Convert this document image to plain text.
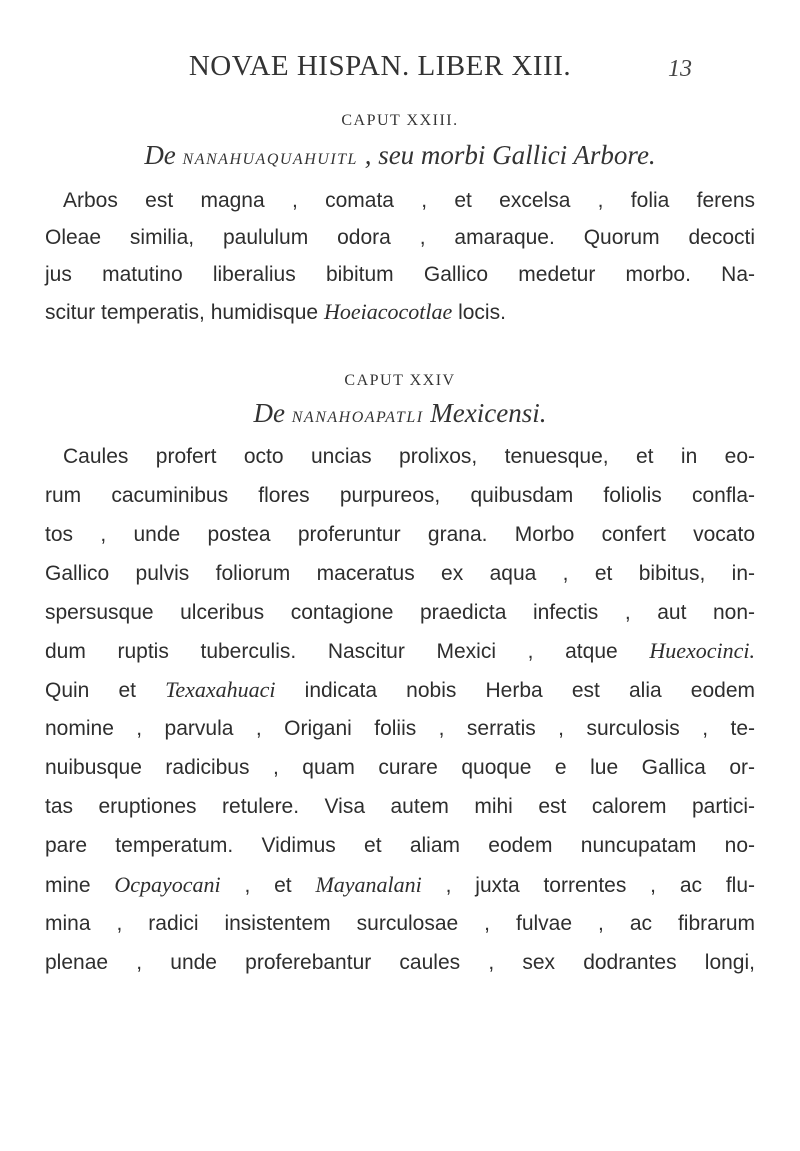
NOVAE HISPAN. LIBER XIII.	13
CAPUT XXIII.
De NANAHUAQUAHUITL , seu morbi Gallici Arbore.
Arbos est magna , comata , et excelsa , folia ferens
Oleae similia, paululum odora , amaraque. Quorum decocti
jus matutino liberalius bibitum Gallico medetur morbo. Na-
scitur temperatis, humidisque Hoeiacocotlae locis.
CAPUT XXIV
De NANAHOAPATLI Mexicensi.
Caules profert octo uncias prolixos, tenuesque, et in eo-
rum cacuminibus flores purpureos, quibusdam foliolis confla-
tos , unde postea proferuntur grana. Morbo confert vocato
Gallico pulvis foliorum maceratus ex aqua , et bibitus, in-
spersusque ulceribus contagione praedicta infectis , aut non-
dum ruptis tuberculis. Nascitur Mexici , atque Huexocinci.
Quin et Texaxahuaci indicata nobis Herba est alia eodem
nomine , parvula , Origani foliis , serratis , surculosis , te-
nuibusque radicibus , quam curare quoque e lue Gallica or-
tas eruptiones retulere. Visa autem mihi est calorem partici-
pare temperatum. Vidimus et aliam eodem nuncupatam no-
mine Ocpayocani , et Mayanalani , juxta torrentes , ac flu-
mina , radici insistentem surculosae , fulvae , ac fibrarum
plenae , unde proferebantur caules , sex dodrantes longi,
